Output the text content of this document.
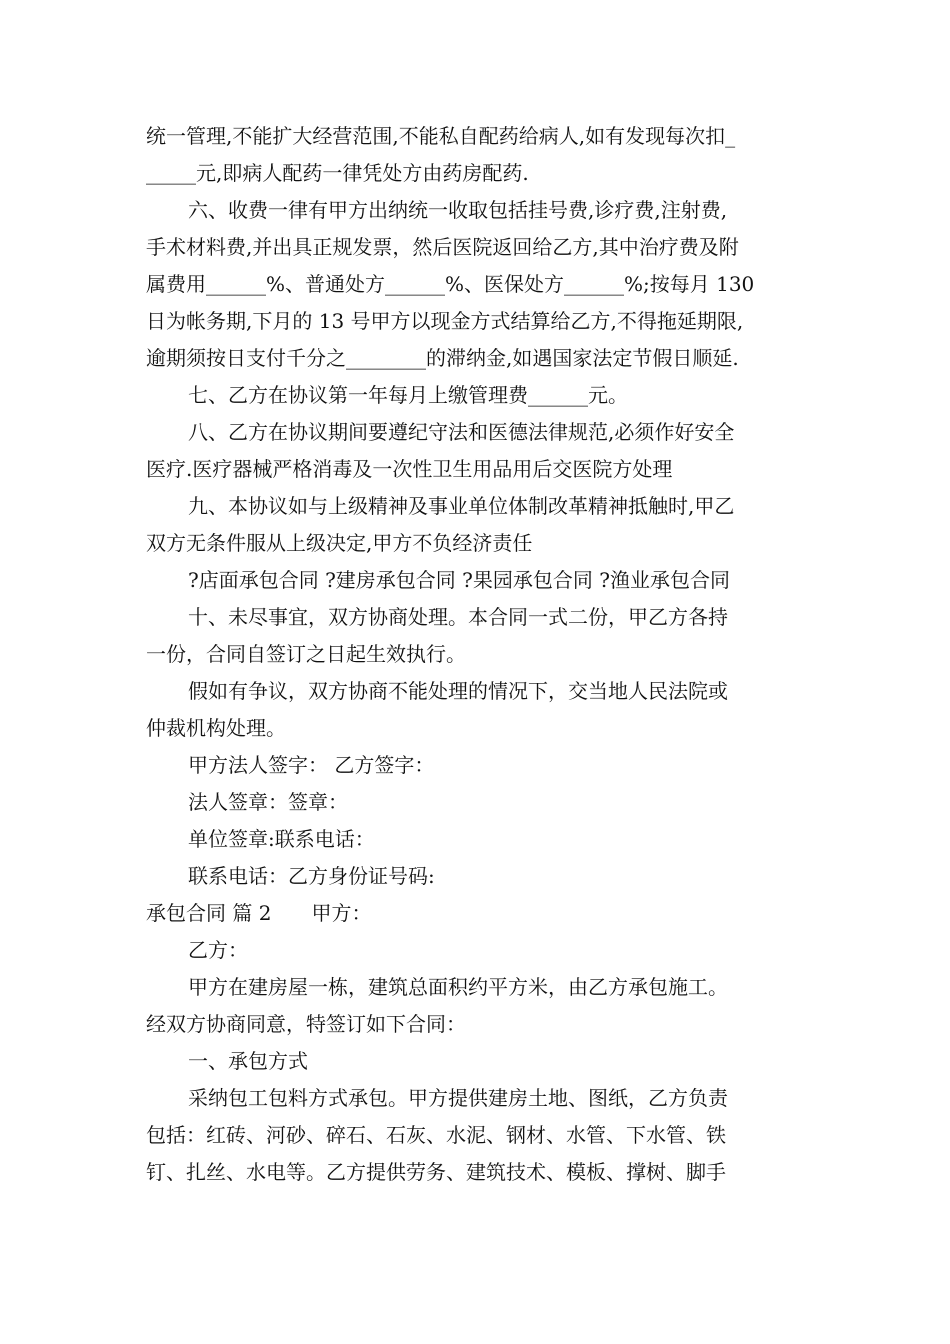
统一管理,不能扩大经营范围,不能私自配药给病人,如有发现每次扣_
_____元,即病人配药一律凭处方由药房配药.
六、收费一律有甲方出纳统一收取包括挂号费,诊疗费,注射费,
手术材料费,并出具正规发票，然后医院返回给乙方,其中治疗费及附
属费用______%、普通处方______%、医保处方______%;按每月 130
日为帐务期,下月的 13 号甲方以现金方式结算给乙方,不得拖延期限,
逾期须按日支付千分之________的滞纳金,如遇国家法定节假日顺延.
七、乙方在协议第一年每月上缴管理费______元。
八、乙方在协议期间要遵纪守法和医德法律规范,必须作好安全
医疗.医疗器械严格消毒及一次性卫生用品用后交医院方处理
九、本协议如与上级精神及事业单位体制改革精神抵触时,甲乙
双方无条件服从上级决定,甲方不负经济责任
?店面承包合同 ?建房承包合同 ?果园承包合同 ?渔业承包合同
十、未尽事宜，双方协商处理。本合同一式二份，甲乙方各持
一份，合同自签订之日起生效执行。
假如有争议，双方协商不能处理的情况下，交当地人民法院或
仲裁机构处理。
甲方法人签字： 乙方签字：
法人签章：签章：
单位签章:联系电话：
联系电话：乙方身份证号码:
承包合同 篇 2 甲方：
乙方：
甲方在建房屋一栋，建筑总面积约平方米，由乙方承包施工。
经双方协商同意，特签订如下合同：
一、承包方式
采纳包工包料方式承包。甲方提供建房土地、图纸，乙方负责
包括：红砖、河砂、碎石、石灰、水泥、钢材、水管、下水管、铁
钉、扎丝、水电等。乙方提供劳务、建筑技术、模板、撑树、脚手
